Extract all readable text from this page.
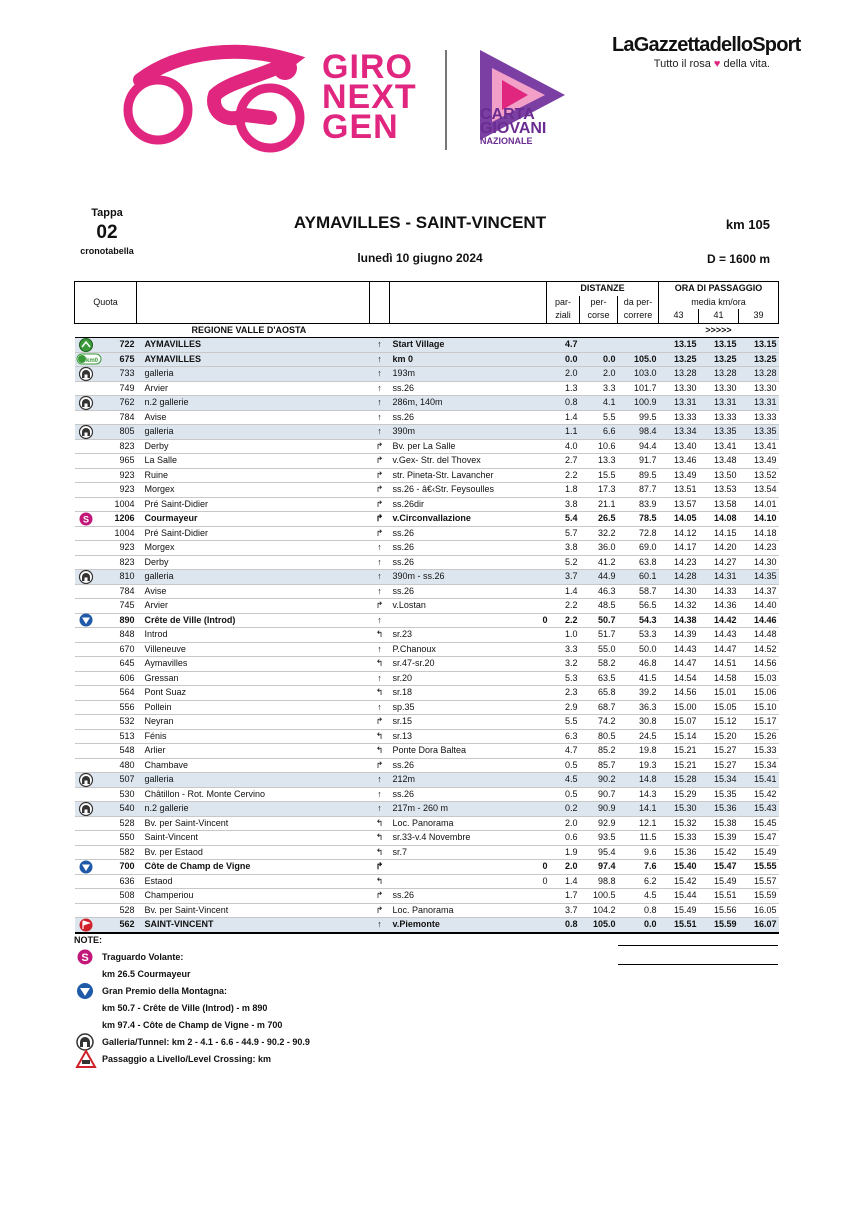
GIRO
NEXT
GEN	CARTA
GIOVANI
NAZIONALE
LaGazzettadelloSport
Tutto il rosa ♥ della vita.
Tappa
02
cronotabella
AYMAVILLES - SAINT-VINCENT	km 105
lunedì 10 giugno 2024	D = 1600 m
					DISTANZE			ORA DI PASSAGGIO		
Quota					par-	per-	da per-	media km/ora		
					ziali	corse	correre	43	41	39
	REGIONE VALLE D'AOSTA							>>>>>		
722	AYMAVILLES	↑	Start Village		4.7			13.15	13.15	13.15
675	AYMAVILLES	↑	km 0		0.0	0.0	105.0	13.25	13.25	13.25
733	galleria	↑	193m		2.0	2.0	103.0	13.28	13.28	13.28
749	Arvier	↑	ss.26		1.3	3.3	101.7	13.30	13.30	13.30
762	n.2 gallerie	↑	286m, 140m		0.8	4.1	100.9	13.31	13.31	13.31
784	Avise	↑	ss.26		1.4	5.5	99.5	13.33	13.33	13.33
805	galleria	↑	390m		1.1	6.6	98.4	13.34	13.35	13.35
823	Derby	↱	Bv. per La Salle		4.0	10.6	94.4	13.40	13.41	13.41
965	La Salle	↱	v.Gex- Str. del Thovex		2.7	13.3	91.7	13.46	13.48	13.49
923	Ruine	↱	str. Pineta-Str. Lavancher		2.2	15.5	89.5	13.49	13.50	13.52
923	Morgex	↱	ss.26 - â€‹Str. Feysoulles		1.8	17.3	87.7	13.51	13.53	13.54
1004	Pré Saint-Didier	↱	ss.26dir		3.8	21.1	83.9	13.57	13.58	14.01
1206	Courmayeur	↱	v.Circonvallazione		5.4	26.5	78.5	14.05	14.08	14.10
1004	Pré Saint-Didier	↱	ss.26		5.7	32.2	72.8	14.12	14.15	14.18
923	Morgex	↑	ss.26		3.8	36.0	69.0	14.17	14.20	14.23
823	Derby	↑	ss.26		5.2	41.2	63.8	14.23	14.27	14.30
810	galleria	↑	390m - ss.26		3.7	44.9	60.1	14.28	14.31	14.35
784	Avise	↑	ss.26		1.4	46.3	58.7	14.30	14.33	14.37
745	Arvier	↱	v.Lostan		2.2	48.5	56.5	14.32	14.36	14.40
890	Crête de Ville (Introd)	↑		0	2.2	50.7	54.3	14.38	14.42	14.46
848	Introd	↰	sr.23		1.0	51.7	53.3	14.39	14.43	14.48
670	Villeneuve	↑	P.Chanoux		3.3	55.0	50.0	14.43	14.47	14.52
645	Aymavilles	↰	sr.47-sr.20		3.2	58.2	46.8	14.47	14.51	14.56
606	Gressan	↑	sr.20		5.3	63.5	41.5	14.54	14.58	15.03
564	Pont Suaz	↰	sr.18		2.3	65.8	39.2	14.56	15.01	15.06
556	Pollein	↑	sp.35		2.9	68.7	36.3	15.00	15.05	15.10
532	Neyran	↱	sr.15		5.5	74.2	30.8	15.07	15.12	15.17
513	Fénis	↰	sr.13		6.3	80.5	24.5	15.14	15.20	15.26
548	Arlier	↰	Ponte Dora Baltea		4.7	85.2	19.8	15.21	15.27	15.33
480	Chambave	↱	ss.26		0.5	85.7	19.3	15.21	15.27	15.34
507	galleria	↑	212m		4.5	90.2	14.8	15.28	15.34	15.41
530	Châtillon - Rot. Monte Cervino	↑	ss.26		0.5	90.7	14.3	15.29	15.35	15.42
540	n.2 gallerie	↑	217m - 260 m		0.2	90.9	14.1	15.30	15.36	15.43
528	Bv. per Saint-Vincent	↰	Loc. Panorama		2.0	92.9	12.1	15.32	15.38	15.45
550	Saint-Vincent	↰	sr.33-v.4 Novembre		0.6	93.5	11.5	15.33	15.39	15.47
582	Bv. per Estaod	↰	sr.7		1.9	95.4	9.6	15.36	15.42	15.49
700	Côte de Champ de Vigne	↱		0	2.0	97.4	7.6	15.40	15.47	15.55
636	Estaod	↰		0	1.4	98.8	6.2	15.42	15.49	15.57
508	Champeriou	↱	ss.26		1.7	100.5	4.5	15.44	15.51	15.59
528	Bv. per Saint-Vincent	↱	Loc. Panorama		3.7	104.2	0.8	15.49	15.56	16.05
562	SAINT-VINCENT	↑	v.Piemonte		0.8	105.0	0.0	15.51	15.59	16.07
NOTE:
S Traguardo Volante:
km 26.5 Courmayeur
Gran Premio della Montagna:
km 50.7 - Crête de Ville (Introd) - m 890
km 97.4 - Côte de Champ de Vigne - m 700
Galleria/Tunnel: km 2 - 4.1 - 6.6 - 44.9 - 90.2 - 90.9
Passaggio a Livello/Level Crossing: km
km0
S
